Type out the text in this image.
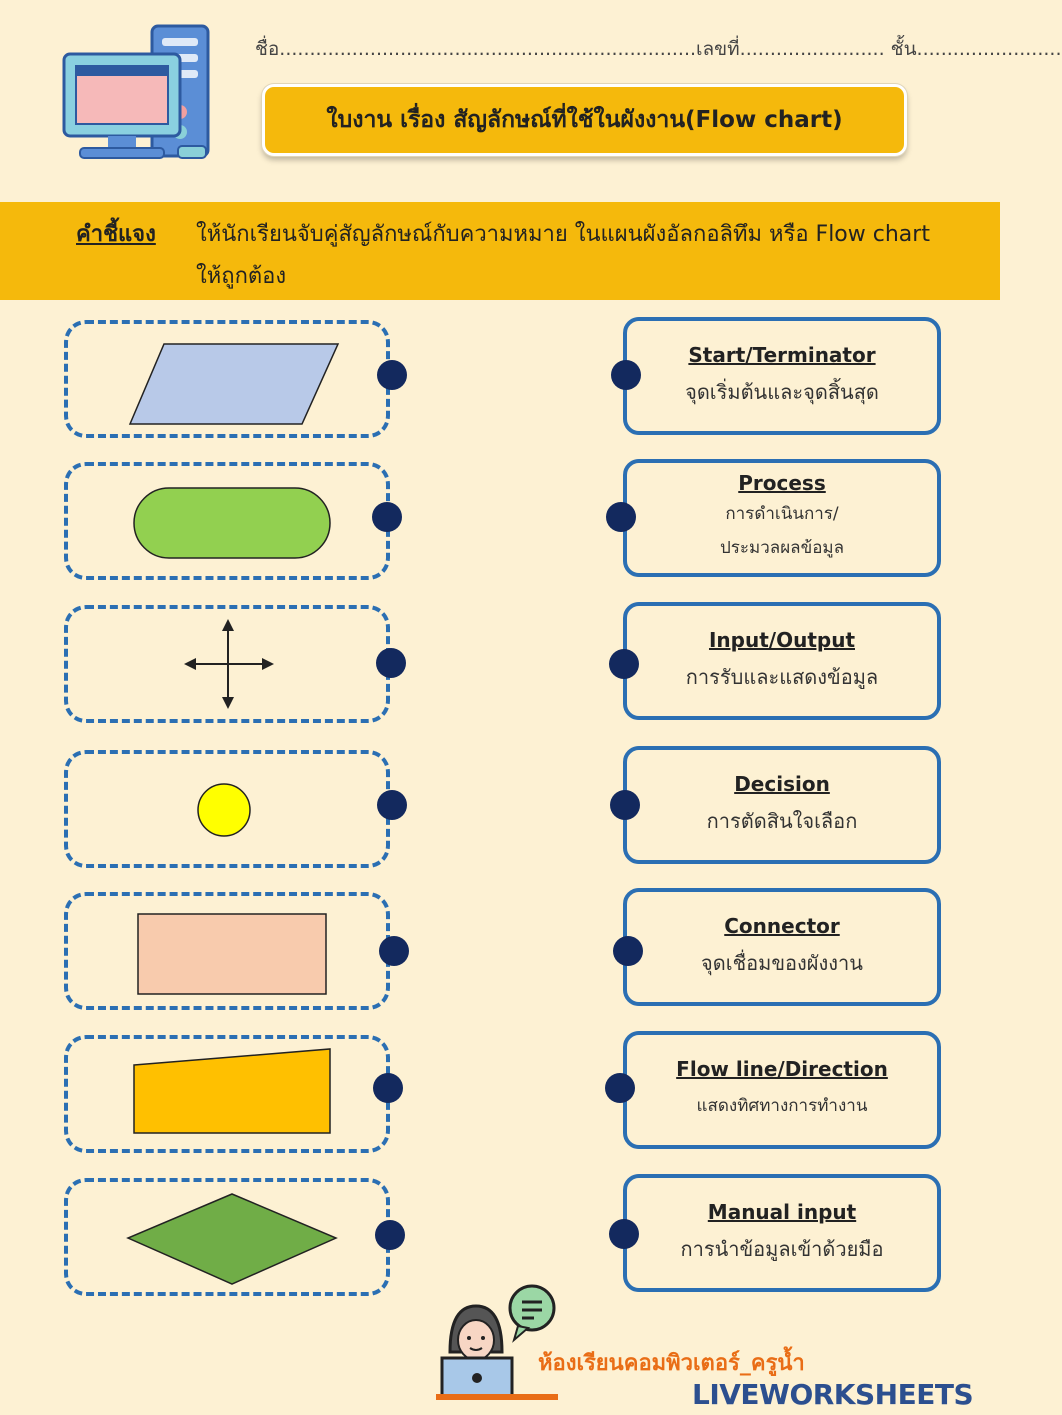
ชื่อ.....................................................................เลขที่........................ ชั้น........................
ใบงาน เรื่อง สัญลักษณ์ที่ใช้ในผังงาน(Flow chart)
คำชี้แจง ให้นักเรียนจับคู่สัญลักษณ์กับความหมาย ในแผนผังอัลกอลิทึม หรือ Flow chart ให้ถูกต้อง
Start/Terminator
จุดเริ่มต้นและจุดสิ้นสุด
Process
การดำเนินการ/ ประมวลผลข้อมูล
Input/Output
การรับและแสดงข้อมูล
Decision
การตัดสินใจเลือก
Connector
จุดเชื่อมของผังงาน
Flow line/Direction
แสดงทิศทางการทำงาน
Manual input
การนำข้อมูลเข้าด้วยมือ
ห้องเรียนคอมพิวเตอร์_ครูน้ำ
LIVEWORKSHEETS
